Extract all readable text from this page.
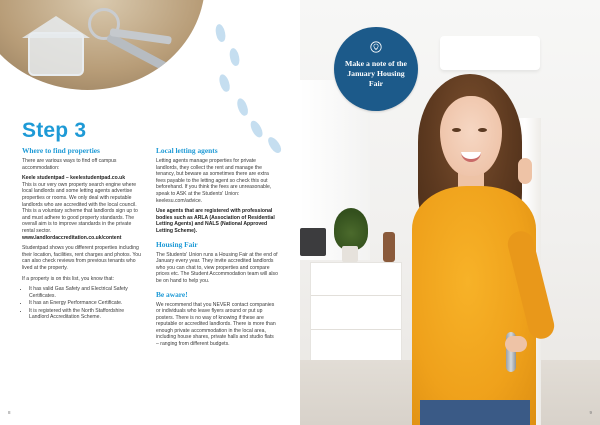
Step 3
Where to find properties

There are various ways to find off campus accommodation:

Keele studentpad – keelestudentpad.co.uk

This is our very own property search engine where local landlords and some letting agents advertise properties or rooms. We only deal with reputable landlords who are accredited with the local council. This is a voluntary scheme that landlords sign up to and must adhere to good property standards. The overall aim is to improve standards in the private rental sector.

www.landlordaccreditation.co.uk/content

Studentpad shows you different properties including their location, facilities, rent charges and photos. You can also check reviews from previous tenants who lived at the property.

If a property is on this list, you know that:

• It has valid Gas Safety and Electrical Safety Certificates.
• It has an Energy Performance Certificate.
• It is registered with the North Staffordshire Landlord Accreditation Scheme.
Local letting agents

Letting agents manage properties for private landlords, they collect the rent and manage the tenancy, but beware as sometimes there are extra fees payable to the letting agent so check this out beforehand. If you think the fees are unreasonable, speak to ASK at the Students' Union: keelesu.com/advice.

Use agents that are registered with professional bodies such as ARLA (Association of Residential Letting Agents) and NALS (National Approved Letting Scheme).

Housing Fair

The Students' Union runs a Housing Fair at the end of January every year. They invite accredited landlords who you can chat to, view properties and compare prices etc. The Student Accommodation team will also be on hand to help you.

Be aware!

We recommend that you NEVER contact companies or individuals who leave flyers around or put up posters. There is no way of knowing if these are reputable or accredited landlords. There is more than enough private accommodation in the local area, including house shares, private halls and studio flats – ranging from different budgets.

8	9
Make a note of the January Housing Fair
